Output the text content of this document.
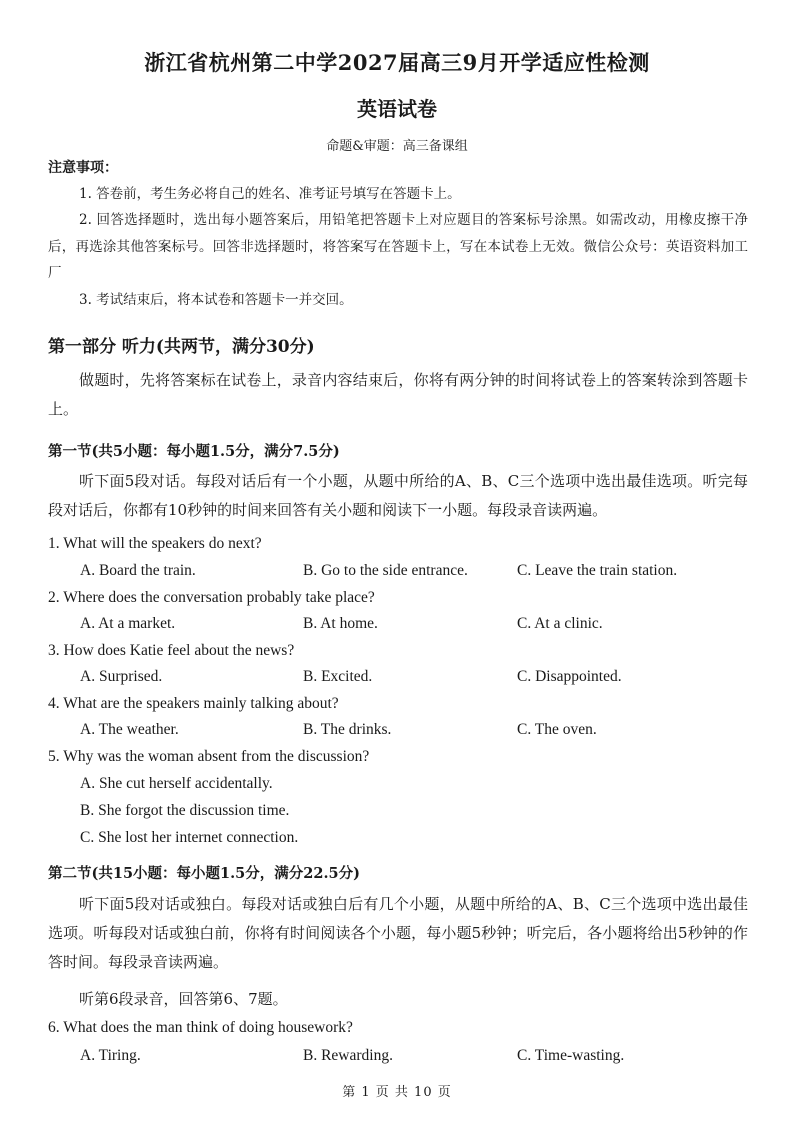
浙江省杭州第二中学2027届高三9月开学适应性检测
英语试卷
命题&审题：高三备课组
注意事项：
1. 答卷前，考生务必将自己的姓名、准考证号填写在答题卡上。
2. 回答选择题时，选出每小题答案后，用铅笔把答题卡上对应题目的答案标号涂黑。如需改动，用橡皮擦干净后，再选涂其他答案标号。回答非选择题时，将答案写在答题卡上，写在本试卷上无效。微信公众号：英语资料加工厂
3. 考试结束后，将本试卷和答题卡一并交回。
第一部分 听力(共两节，满分30分)
做题时，先将答案标在试卷上，录音内容结束后，你将有两分钟的时间将试卷上的答案转涂到答题卡上。
第一节(共5小题：每小题1.5分，满分7.5分)
听下面5段对话。每段对话后有一个小题，从题中所给的A、B、C三个选项中选出最佳选项。听完每段对话后，你都有10秒钟的时间来回答有关小题和阅读下一小题。每段录音读两遍。
1. What will the speakers do next?
A. Board the train.	B. Go to the side entrance.	C. Leave the train station.
2. Where does the conversation probably take place?
A. At a market.	B. At home.	C. At a clinic.
3. How does Katie feel about the news?
A. Surprised.	B. Excited.	C. Disappointed.
4. What are the speakers mainly talking about?
A. The weather.	B. The drinks.	C. The oven.
5. Why was the woman absent from the discussion?
A. She cut herself accidentally.
B. She forgot the discussion time.
C. She lost her internet connection.
第二节(共15小题：每小题1.5分，满分22.5分)
听下面5段对话或独白。每段对话或独白后有几个小题，从题中所给的A、B、C三个选项中选出最佳选项。听每段对话或独白前，你将有时间阅读各个小题，每小题5秒钟；听完后，各小题将给出5秒钟的作答时间。每段录音读两遍。
听第6段录音，回答第6、7题。
6. What does the man think of doing housework?
A. Tiring.	B. Rewarding.	C. Time-wasting.
第 1 页 共 10 页
